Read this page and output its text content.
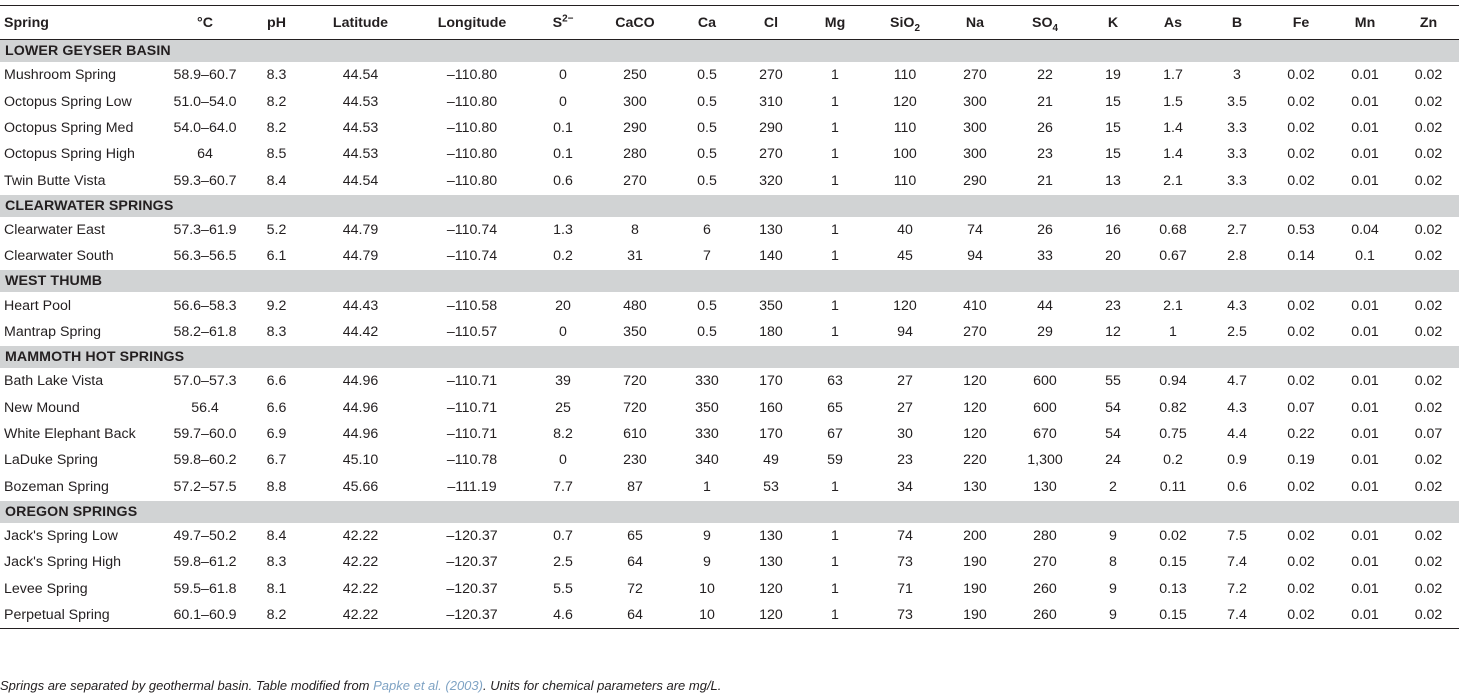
Spring	°C	pH	Latitude	Longitude	$S^{2-}$	CaCO	Ca	Cl	Mg	SiO$_2$	Na	$SO_4$	K	As	B	Fe	Mn	Zn
LOWER GEYSER BASIN																		
Mushroom Spring	58.9–60.7	8.3	44.54	–110.80	0	250	0.5	270	1	110	270	22	19	1.7	3	0.02	0.01	0.02
Octopus Spring Low	51.0–54.0	8.2	44.53	–110.80	0	300	0.5	310	1	120	300	21	15	1.5	3.5	0.02	0.01	0.02
Octopus Spring Med	54.0–64.0	8.2	44.53	–110.80	0.1	290	0.5	290	1	110	300	26	15	1.4	3.3	0.02	0.01	0.02
Octopus Spring High	64	8.5	44.53	–110.80	0.1	280	0.5	270	1	100	300	23	15	1.4	3.3	0.02	0.01	0.02
Twin Butte Vista	59.3–60.7	8.4	44.54	–110.80	0.6	270	0.5	320	1	110	290	21	13	2.1	3.3	0.02	0.01	0.02
CLEARWATER SPRINGS																		
Clearwater East	57.3–61.9	5.2	44.79	–110.74	1.3	8	6	130	1	40	74	26	16	0.68	2.7	0.53	0.04	0.02
Clearwater South	56.3–56.5	6.1	44.79	–110.74	0.2	31	7	140	1	45	94	33	20	0.67	2.8	0.14	0.1	0.02
WEST THUMB																		
Heart Pool	56.6–58.3	9.2	44.43	–110.58	20	480	0.5	350	1	120	410	44	23	2.1	4.3	0.02	0.01	0.02
Mantrap Spring	58.2–61.8	8.3	44.42	–110.57	0	350	0.5	180	1	94	270	29	12	1	2.5	0.02	0.01	0.02
MAMMOTH HOT SPRINGS																		
Bath Lake Vista	57.0–57.3	6.6	44.96	–110.71	39	720	330	170	63	27	120	600	55	0.94	4.7	0.02	0.01	0.02
New Mound	56.4	6.6	44.96	–110.71	25	720	350	160	65	27	120	600	54	0.82	4.3	0.07	0.01	0.02
White Elephant Back	59.7–60.0	6.9	44.96	–110.71	8.2	610	330	170	67	30	120	670	54	0.75	4.4	0.22	0.01	0.07
LaDuke Spring	59.8–60.2	6.7	45.10	–110.78	0	230	340	49	59	23	220	1,300	24	0.2	0.9	0.19	0.01	0.02
Bozeman Spring	57.2–57.5	8.8	45.66	–111.19	7.7	87	1	53	1	34	130	130	2	0.11	0.6	0.02	0.01	0.02
OREGON SPRINGS																		
Jack's Spring Low	49.7–50.2	8.4	42.22	–120.37	0.7	65	9	130	1	74	200	280	9	0.02	7.5	0.02	0.01	0.02
Jack's Spring High	59.8–61.2	8.3	42.22	–120.37	2.5	64	9	130	1	73	190	270	8	0.15	7.4	0.02	0.01	0.02
Levee Spring	59.5–61.8	8.1	42.22	–120.37	5.5	72	10	120	1	71	190	260	9	0.13	7.2	0.02	0.01	0.02
Perpetual Spring	60.1–60.9	8.2	42.22	–120.37	4.6	64	10	120	1	73	190	260	9	0.15	7.4	0.02	0.01	0.02
Springs are separated by geothermal basin. Table modified from Papke et al. (2003). Units for chemical parameters are mg/L.
